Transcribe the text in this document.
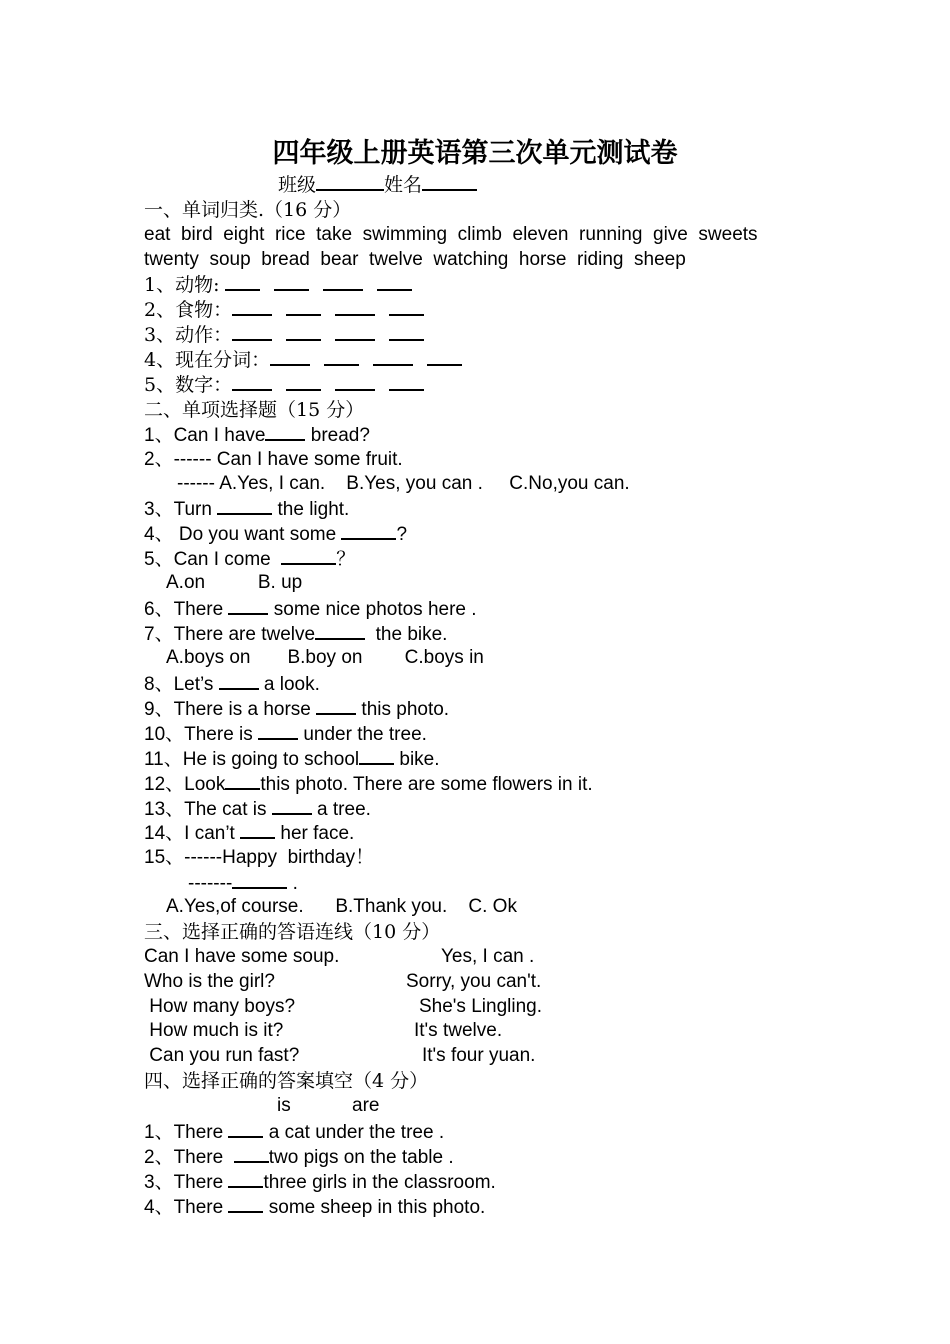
四年级上册英语第三次单元测试卷
班级	姓名
一、单词归类.（16 分）
eat  bird  eight  rice  take  swimming  climb  eleven  running  give  sweets
twenty  soup  bread  bear  twelve  watching  horse  riding  sheep
1、动物:
2、食物：
3、动作：
4、现在分词：
5、数字：
二、单项选择题（15 分）
1、Can I have bread?
2、------ Can I have some fruit.
------ A.Yes, I can.    B.Yes, you can .     C.No,you can.
3、Turn	the light.
4、 Do you want some	?
5、Can I come	？
A.on          B. up
6、There  some nice photos here .
7、There are twelve	the bike.
A.boys on       B.boy on        C.boys in
8、Let’s  a look.
9、There is a horse  this photo.
10、There is  under the tree.
11、He is going to school bike.
12、Look this photo. There are some flowers in it.
13、The cat is  a tree.
14、I can’t  her face.
15、------Happy  birthday！
-------	.
A.Yes,of course.      B.Thank you.    C. Ok
三、选择正确的答语连线（10 分）
Can I have some soup.	Yes, I can .
Who is the girl?	Sorry, you can't.
How many boys?	She's Lingling.
How much is it?	It's twelve.
Can you run fast?	It's four yuan.
四、选择正确的答案填空（4 分）
is	are
1、There  a cat under the tree .
2、There  two pigs on the table .
3、There three girls in the classroom.
4、There  some sheep in this photo.
